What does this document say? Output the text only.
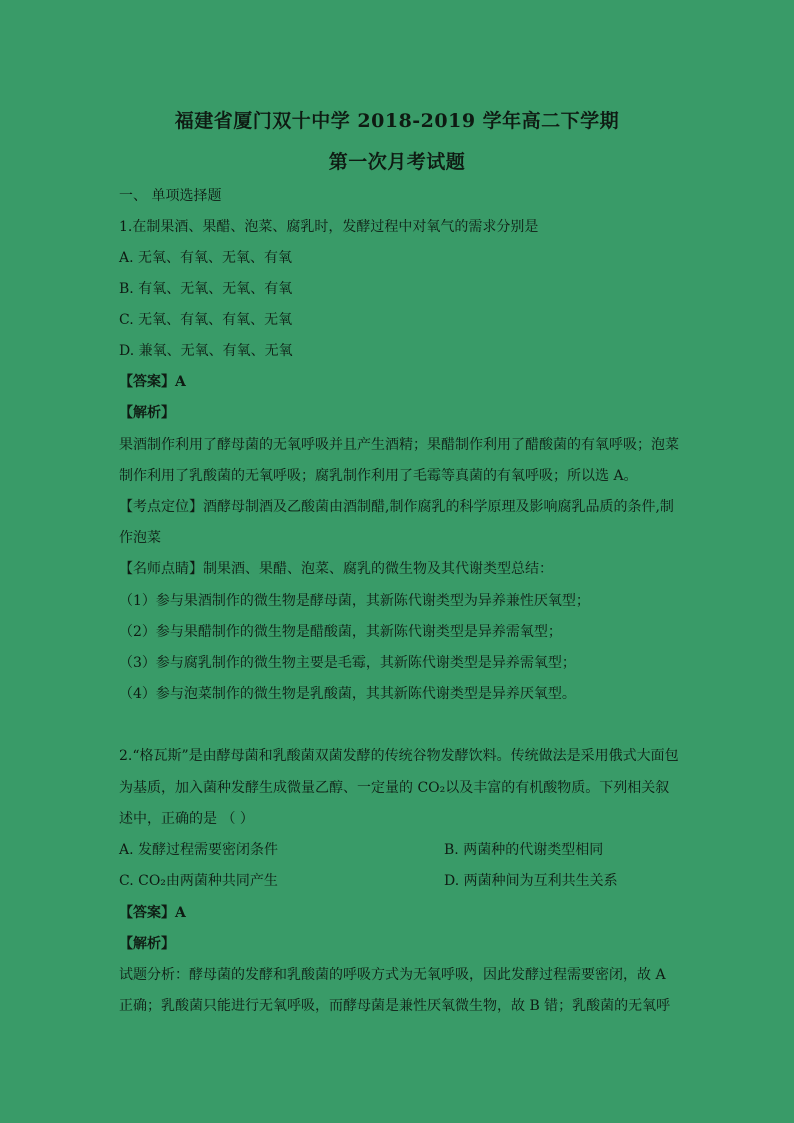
福建省厦门双十中学 2018-2019 学年高二下学期
第一次月考试题
一、 单项选择题
1.在制果酒、果醋、泡菜、腐乳时，发酵过程中对氧气的需求分别是
A. 无氧、有氧、无氧、有氧
B. 有氧、无氧、无氧、有氧
C. 无氧、有氧、有氧、无氧
D. 兼氧、无氧、有氧、无氧
【答案】A
【解析】
果酒制作利用了酵母菌的无氧呼吸并且产生酒精；果醋制作利用了醋酸菌的有氧呼吸；泡菜
制作利用了乳酸菌的无氧呼吸；腐乳制作利用了毛霉等真菌的有氧呼吸；所以选 A。
【考点定位】酒酵母制酒及乙酸菌由酒制醋,制作腐乳的科学原理及影响腐乳品质的条件,制
作泡菜
【名师点睛】制果酒、果醋、泡菜、腐乳的微生物及其代谢类型总结：
（1）参与果酒制作的微生物是酵母菌，其新陈代谢类型为异养兼性厌氧型；
（2）参与果醋制作的微生物是醋酸菌，其新陈代谢类型是异养需氧型；
（3）参与腐乳制作的微生物主要是毛霉，其新陈代谢类型是异养需氧型；
（4）参与泡菜制作的微生物是乳酸菌，其其新陈代谢类型是异养厌氧型。
2.“格瓦斯”是由酵母菌和乳酸菌双菌发酵的传统谷物发酵饮料。传统做法是采用俄式大面包
为基质，加入菌种发酵生成微量乙醇、一定量的 CO₂以及丰富的有机酸物质。下列相关叙
述中，正确的是 （ ）
A. 发酵过程需要密闭条件	B. 两菌种的代谢类型相同
C. CO₂由两菌种共同产生	D. 两菌种间为互利共生关系
【答案】A
【解析】
试题分析：酵母菌的发酵和乳酸菌的呼吸方式为无氧呼吸，因此发酵过程需要密闭，故 A
正确；乳酸菌只能进行无氧呼吸，而酵母菌是兼性厌氧微生物，故 B 错；乳酸菌的无氧呼
